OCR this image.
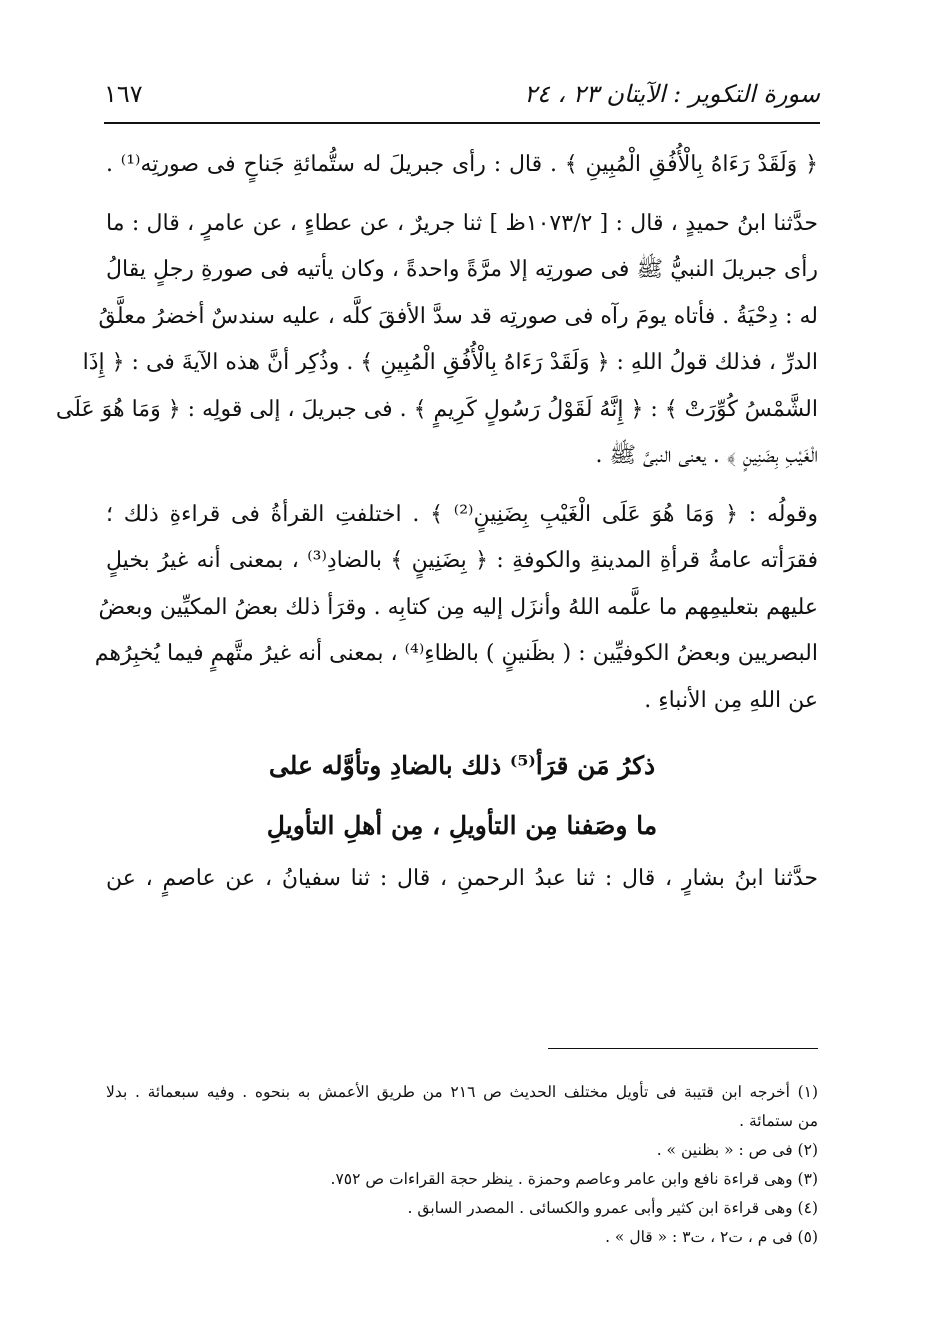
سورة التكوير : الآيتان ٢٣ ، ٢٤
١٦٧
﴿ وَلَقَدْ رَءَاهُ بِالْأُفُقِ الْمُبِينِ ﴾ . قال : رأى جبريلَ له ستُّمائةِ جَناحٍ فى صورتِه⁽¹⁾ .
حدَّثنا ابنُ حميدٍ ، قال : [ ١٠٧٣/٢ظ ] ثنا جريرٌ ، عن عطاءٍ ، عن عامرٍ ، قال : ما
رأى جبريلَ النبيُّ ﷺ فى صورتِه إلا مرَّةً واحدةً ، وكان يأتيه فى صورةِ رجلٍ يقالُ
له : دِحْيَةُ . فأتاه يومَ رآه فى صورتِه قد سدَّ الأفقَ كلَّه ، عليه سندسٌ أخضرُ معلَّقُ
الدرِّ ، فذلك قولُ اللهِ : ﴿ وَلَقَدْ رَءَاهُ بِالْأُفُقِ الْمُبِينِ ﴾ . وذُكِر أنَّ هذه الآيةَ فى : ﴿ إِذَا
الشَّمْسُ كُوِّرَتْ ﴾ : ﴿ إِنَّهُ لَقَوْلُ رَسُولٍ كَرِيمٍ ﴾ . فى جبريلَ ، إلى قولِه : ﴿ وَمَا هُوَ عَلَى
الْغَيْبِ بِضَنِينٍ ﴾ . يعنى النبىَّ ﷺ .
وقولُه : ﴿ وَمَا هُوَ عَلَى الْغَيْبِ بِضَنِينٍ⁽²⁾ ﴾ . اختلفتِ القرأةُ فى قراءةِ ذلك ؛
فقرَأته عامةُ قرأةِ المدينةِ والكوفةِ : ﴿ بِضَنِينٍ ﴾ بالضادِ⁽³⁾ ، بمعنى أنه غيرُ بخيلٍ
عليهم بتعليمِهم ما علَّمه اللهُ وأنزَل إليه مِن كتابِه . وقرَأ ذلك بعضُ المكيِّين وبعضُ
البصريين وبعضُ الكوفيِّين : ( بظَنينٍ ) بالظاءِ⁽⁴⁾ ، بمعنى أنه غيرُ متَّهمٍ فيما يُخبِرُهم
عن اللهِ مِن الأنباءِ .
ذكرُ مَن قرَأ⁽⁵⁾ ذلك بالضادِ وتأوَّله على
ما وصَفنا مِن التأويلِ ، مِن أهلِ التأويلِ
حدَّثنا ابنُ بشارٍ ، قال : ثنا عبدُ الرحمنِ ، قال : ثنا سفيانُ ، عن عاصمٍ ، عن
(١) أخرجه ابن قتيبة فى تأويل مختلف الحديث ص ٢١٦ من طريق الأعمش به بنحوه . وفيه سبعمائة . بدلا
من ستمائة .
(٢) فى ص : « بظنين » .
(٣) وهى قراءة نافع وابن عامر وعاصم وحمزة . ينظر حجة القراءات ص ٧٥٢.
(٤) وهى قراءة ابن كثير وأبى عمرو والكسائى . المصدر السابق .
(٥) فى م ، ت٢ ، ت٣ : « قال » .
